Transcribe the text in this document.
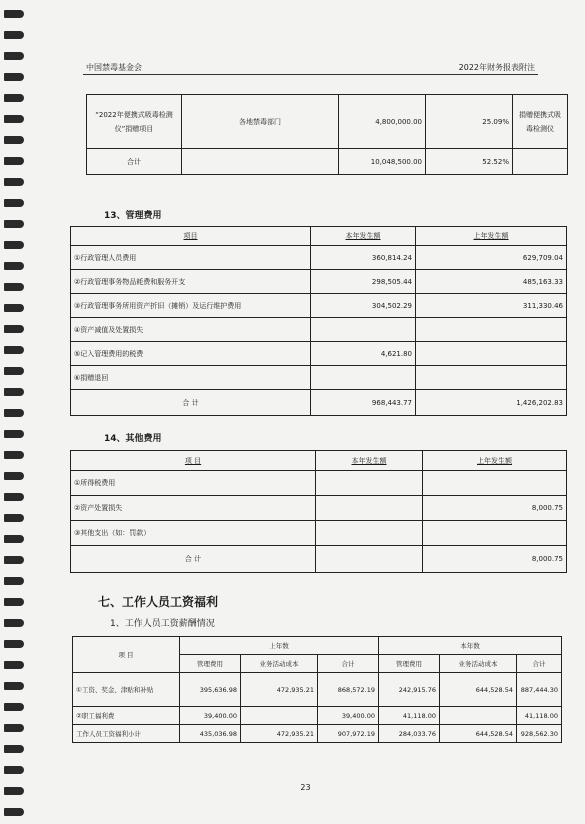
中国禁毒基金会	2022年财务报表附注
“2022年便携式吸毒检测仪”捐赠项目	各地禁毒部门	4,800,000.00	25.09%	捐赠便携式吸毒检测仪
合计		10,048,500.00	52.52%	
13、管理费用
项目	本年发生额	上年发生额
①行政管理人员费用	360,814.24	629,709.04
②行政管理事务物品耗费和服务开支	298,505.44	485,163.33
③行政管理事务所用资产折旧（摊销）及运行维护费用	304,502.29	311,330.46
④资产减值及处置损失		
⑤记入管理费用的税费	4,621.80	
⑥捐赠退回		
合 计	968,443.77	1,426,202.83
14、其他费用
项 目	本年发生额	上年发生额
①所得税费用		
②资产处置损失		8,000.75
③其他支出（如：罚款）		
合 计		8,000.75
七、工作人员工资福利
1、工作人员工资薪酬情况
项 目	上年数			本年数		
	管理费用	业务活动成本	合计	管理费用	业务活动成本	合计
①工资、奖金、津贴和补贴	395,636.98	472,935.21	868,572.19	242,915.76	644,528.54	887,444.30
②职工福利费	39,400.00		39,400.00	41,118.00		41,118.00
工作人员工资福利小计	435,036.98	472,935.21	907,972.19	284,033.76	644,528.54	928,562.30
23
